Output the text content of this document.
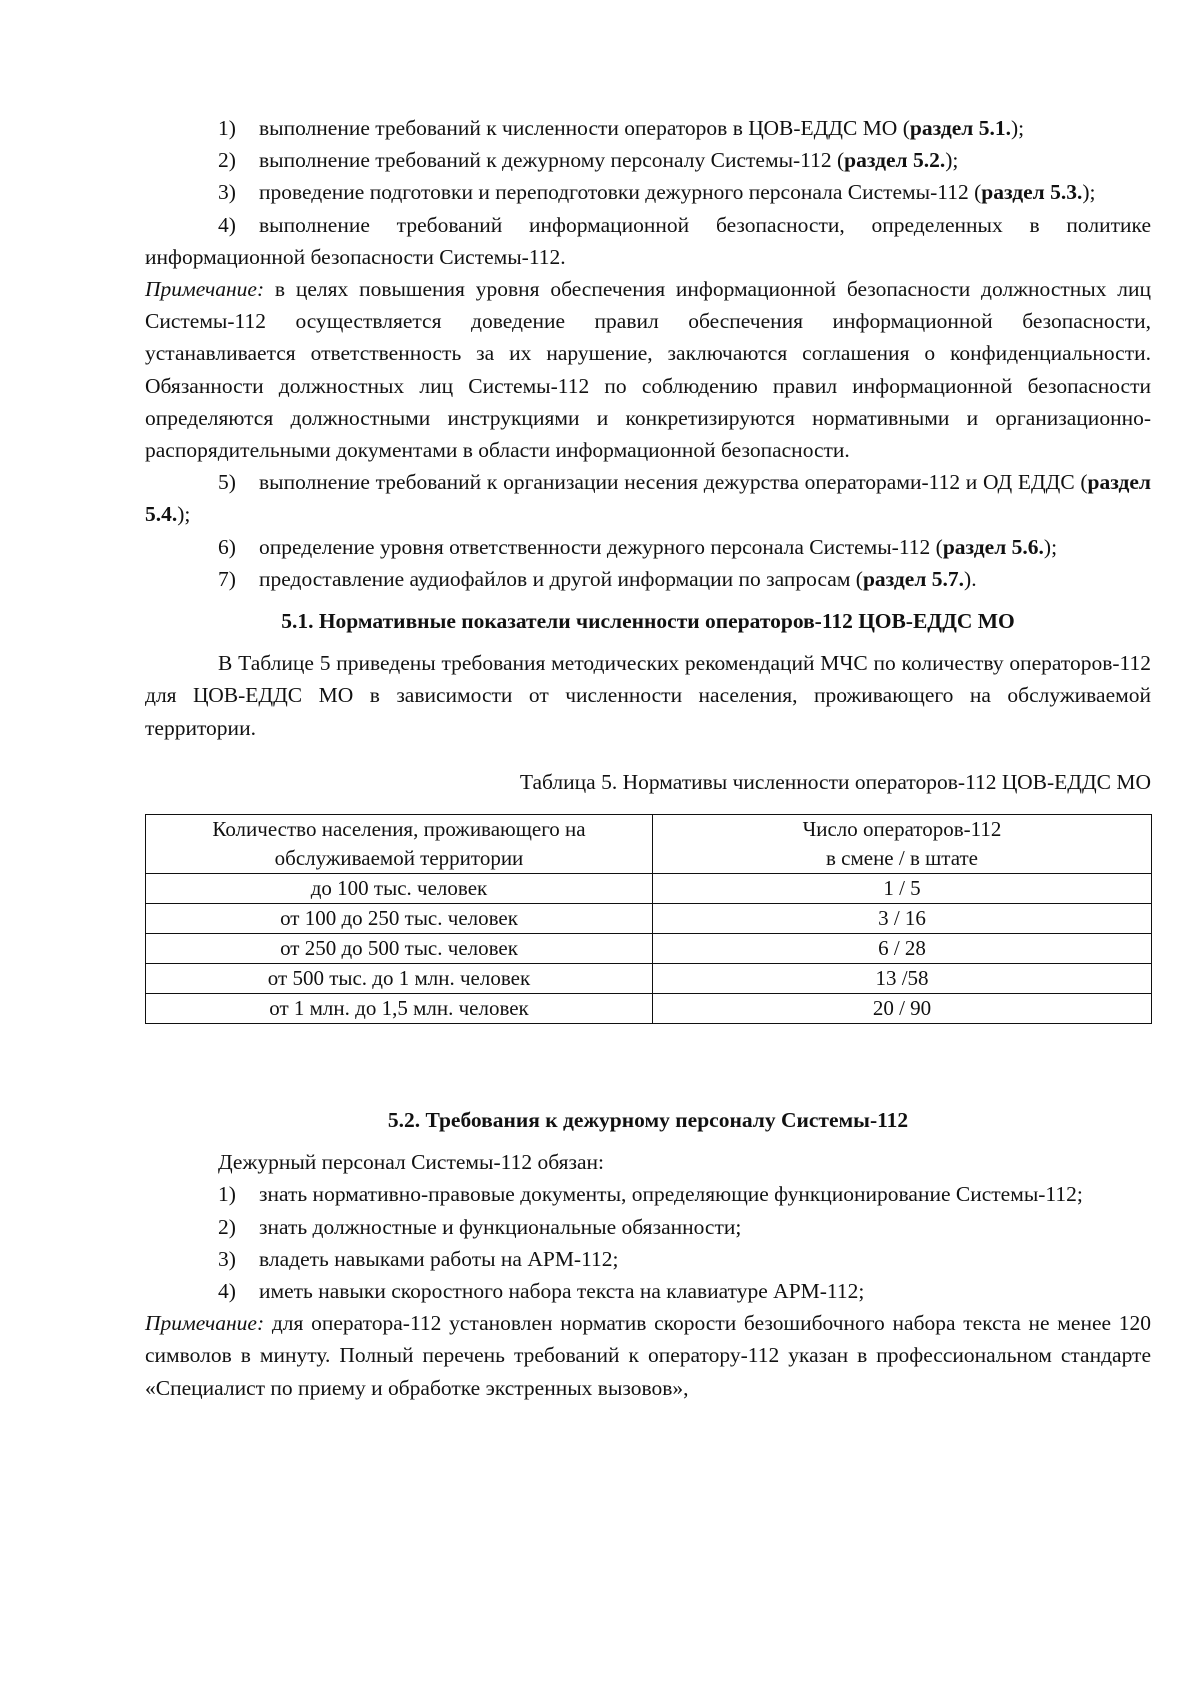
1) выполнение требований к численности операторов в ЦОВ-ЕДДС МО (раздел 5.1.);

2) выполнение требований к дежурному персоналу Системы-112 (раздел 5.2.);

3) проведение подготовки и переподготовки дежурного персонала Системы-112 (раздел 5.3.);

4) выполнение требований информационной безопасности, определенных в политике информационной безопасности Системы-112.

Примечание: в целях повышения уровня обеспечения информационной безопасности должностных лиц Системы-112 осуществляется доведение правил обеспечения информационной безопасности, устанавливается ответственность за их нарушение, заключаются соглашения о конфиденциальности. Обязанности должностных лиц Системы-112 по соблюдению правил информационной безопасности определяются должностными инструкциями и конкретизируются нормативными и организационно-распорядительными документами в области информационной безопасности.

5) выполнение требований к организации несения дежурства операторами-112 и ОД ЕДДС (раздел 5.4.);

6) определение уровня ответственности дежурного персонала Системы-112 (раздел 5.6.);

7) предоставление аудиофайлов и другой информации по запросам (раздел 5.7.).

5.1. Нормативные показатели численности операторов-112 ЦОВ-ЕДДС МО

В Таблице 5 приведены требования методических рекомендаций МЧС по количеству операторов-112 для ЦОВ-ЕДДС МО в зависимости от численности населения, проживающего на обслуживаемой территории.

Таблица 5. Нормативы численности операторов-112 ЦОВ-ЕДДС МО

Количество населения, проживающего на
обслуживаемой территории	Число операторов-112
в смене / в штате
до 100 тыс. человек	1 / 5
от 100 до 250 тыс. человек	3 / 16
от 250 до 500 тыс. человек	6 / 28
от 500 тыс. до 1 млн. человек	13 /58
от 1 млн. до 1,5 млн. человек	20 / 90

5.2. Требования к дежурному персоналу Системы-112

Дежурный персонал Системы-112 обязан:

1) знать нормативно-правовые документы, определяющие функционирование Системы-112;

2) знать должностные и функциональные обязанности;

3) владеть навыками работы на АРМ-112;

4) иметь навыки скоростного набора текста на клавиатуре АРМ-112;

Примечание: для оператора-112 установлен норматив скорости безошибочного набора текста не менее 120 символов в минуту. Полный перечень требований к оператору-112 указан в профессиональном стандарте «Специалист по приему и обработке экстренных вызовов»,
